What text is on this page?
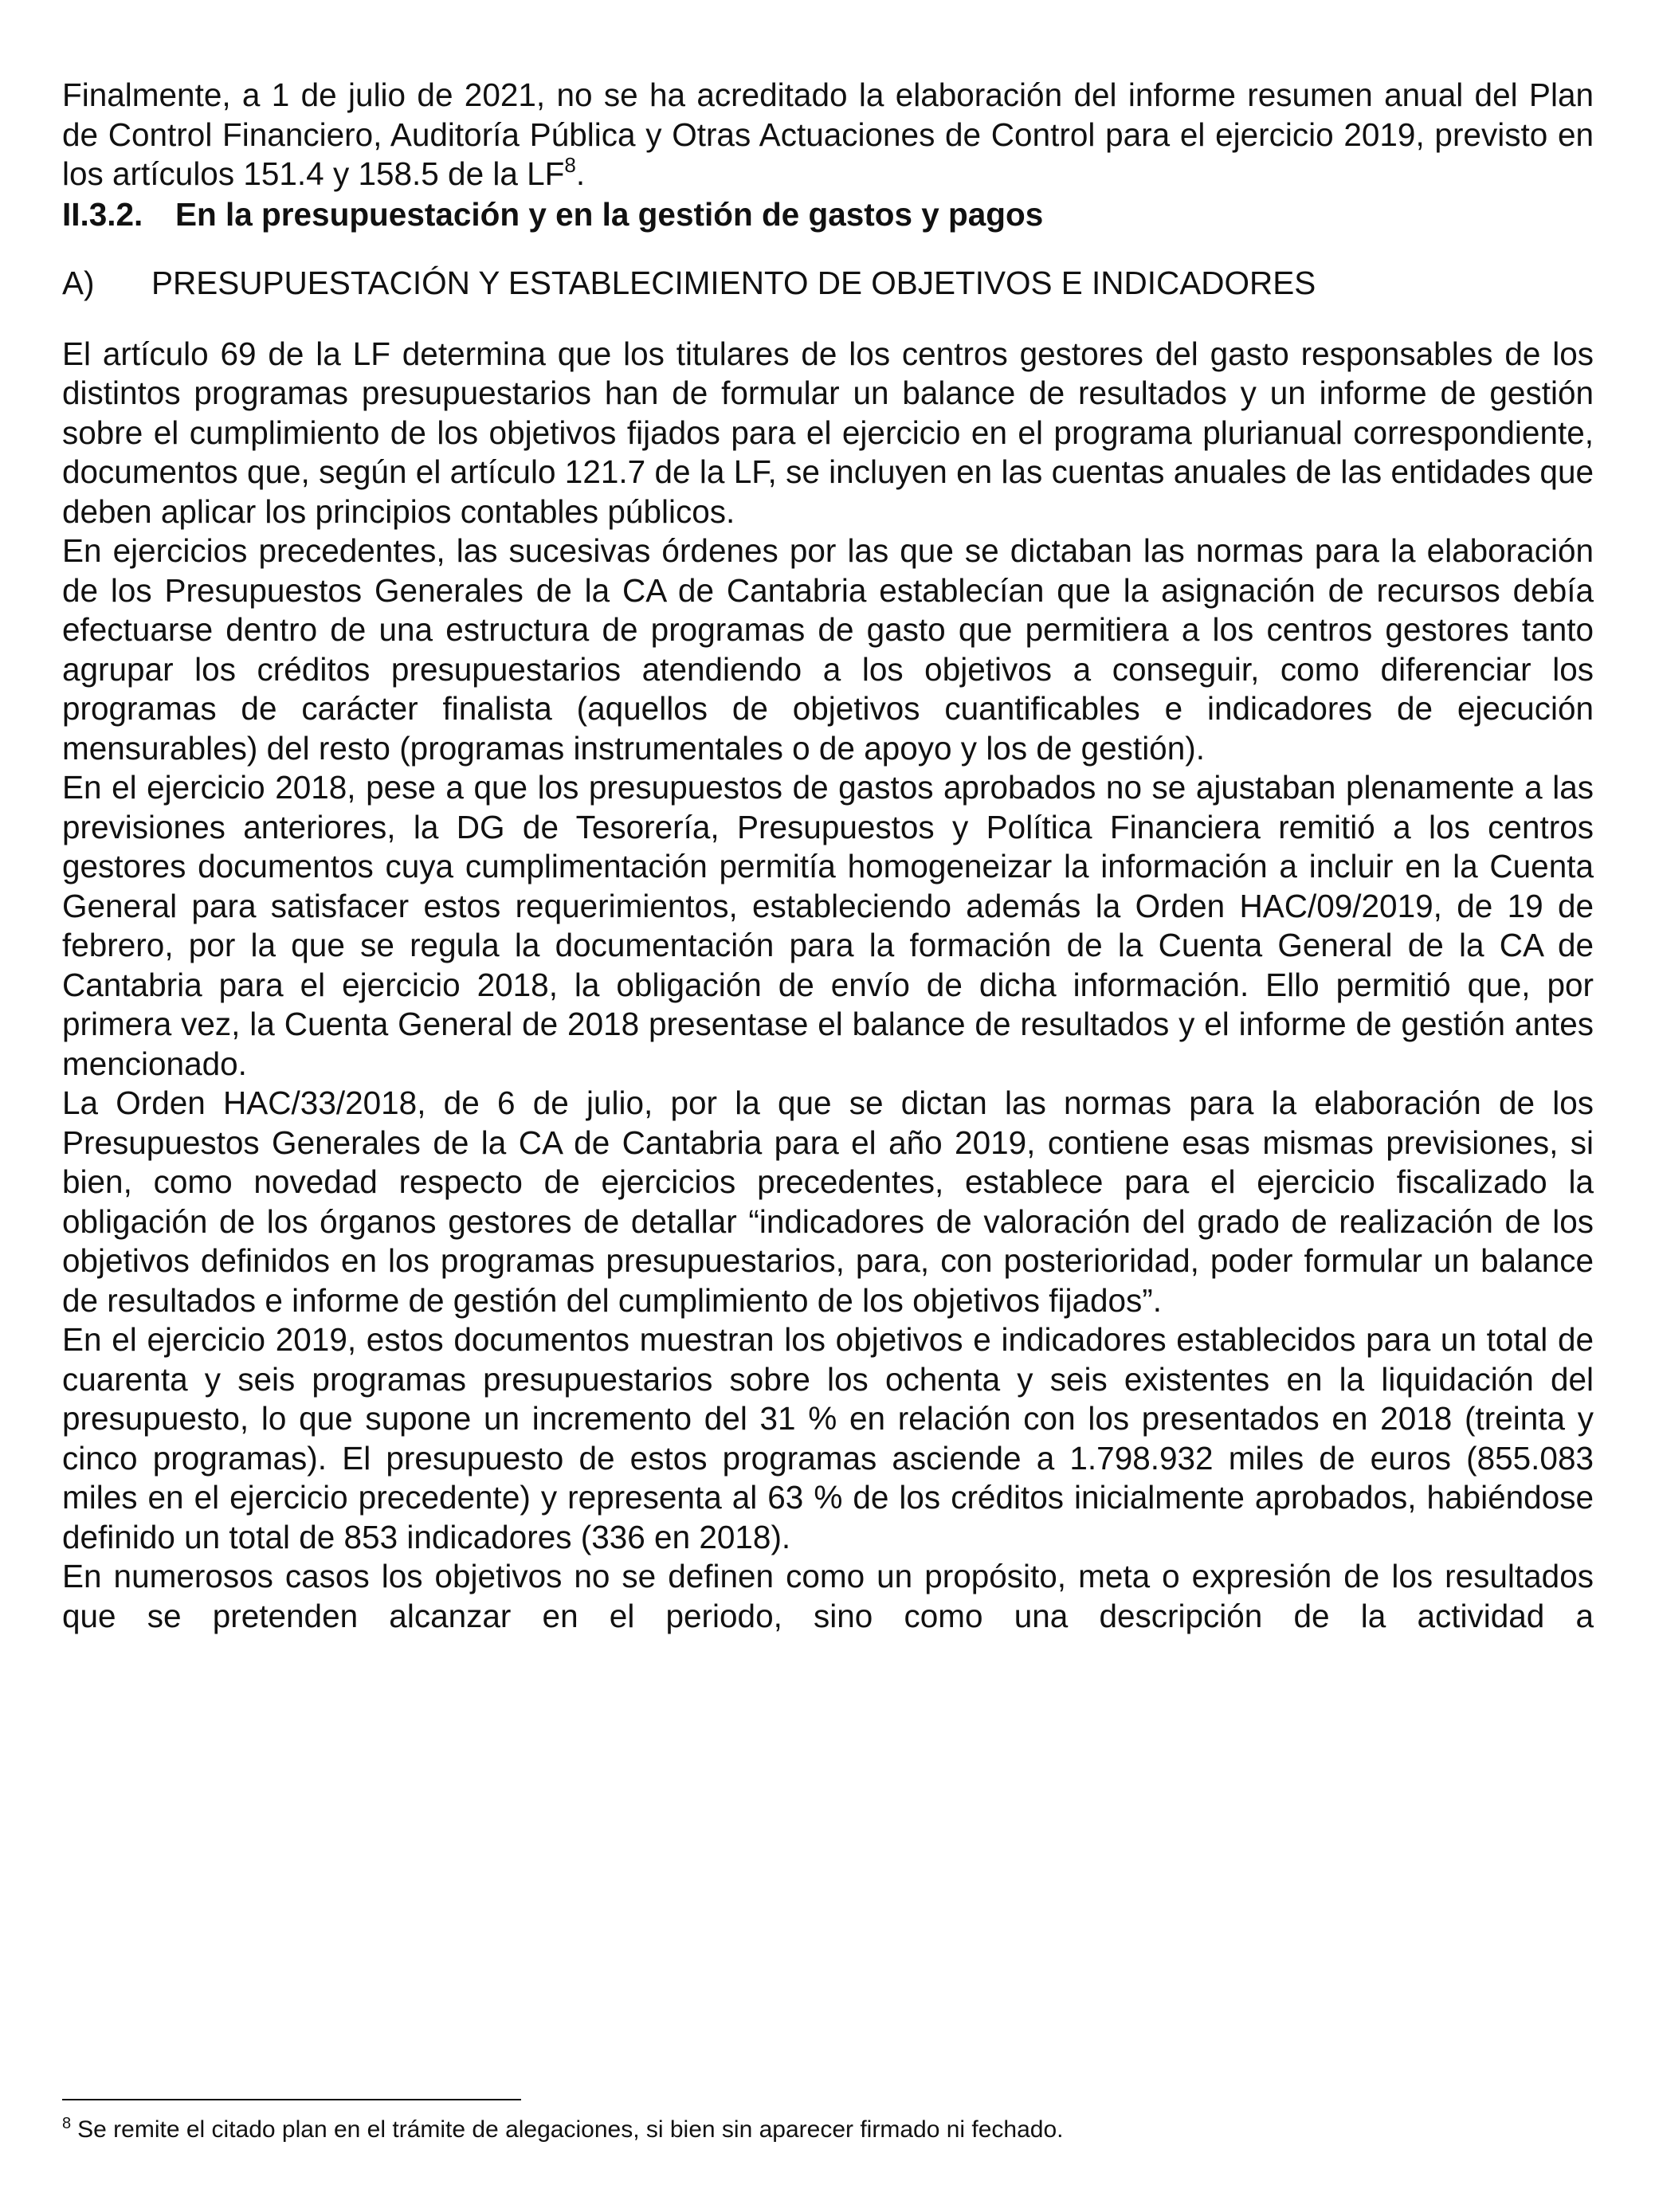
Finalmente, a 1 de julio de 2021, no se ha acreditado la elaboración del informe resumen anual del Plan de Control Financiero, Auditoría Pública y Otras Actuaciones de Control para el ejercicio 2019, previsto en los artículos 151.4 y 158.5 de la LF$^8$.

II.3.2.	En la presupuestación y en la gestión de gastos y pagos
A)	PRESUPUESTACIÓN Y ESTABLECIMIENTO DE OBJETIVOS E INDICADORES

El artículo 69 de la LF determina que los titulares de los centros gestores del gasto responsables de los distintos programas presupuestarios han de formular un balance de resultados y un informe de gestión sobre el cumplimiento de los objetivos fijados para el ejercicio en el programa plurianual correspondiente, documentos que, según el artículo 121.7 de la LF, se incluyen en las cuentas anuales de las entidades que deben aplicar los principios contables públicos.

En ejercicios precedentes, las sucesivas órdenes por las que se dictaban las normas para la elaboración de los Presupuestos Generales de la CA de Cantabria establecían que la asignación de recursos debía efectuarse dentro de una estructura de programas de gasto que permitiera a los centros gestores tanto agrupar los créditos presupuestarios atendiendo a los objetivos a conseguir, como diferenciar los programas de carácter finalista (aquellos de objetivos cuantificables e indicadores de ejecución mensurables) del resto (programas instrumentales o de apoyo y los de gestión).

En el ejercicio 2018, pese a que los presupuestos de gastos aprobados no se ajustaban plenamente a las previsiones anteriores, la DG de Tesorería, Presupuestos y Política Financiera remitió a los centros gestores documentos cuya cumplimentación permitía homogeneizar la información a incluir en la Cuenta General para satisfacer estos requerimientos, estableciendo además la Orden HAC/09/2019, de 19 de febrero, por la que se regula la documentación para la formación de la Cuenta General de la CA de Cantabria para el ejercicio 2018, la obligación de envío de dicha información. Ello permitió que, por primera vez, la Cuenta General de 2018 presentase el balance de resultados y el informe de gestión antes mencionado.

La Orden HAC/33/2018, de 6 de julio, por la que se dictan las normas para la elaboración de los Presupuestos Generales de la CA de Cantabria para el año 2019, contiene esas mismas previsiones, si bien, como novedad respecto de ejercicios precedentes, establece para el ejercicio fiscalizado la obligación de los órganos gestores de detallar “indicadores de valoración del grado de realización de los objetivos definidos en los programas presupuestarios, para, con posterioridad, poder formular un balance de resultados e informe de gestión del cumplimiento de los objetivos fijados”.

En el ejercicio 2019, estos documentos muestran los objetivos e indicadores establecidos para un total de cuarenta y seis programas presupuestarios sobre los ochenta y seis existentes en la liquidación del presupuesto, lo que supone un incremento del 31 % en relación con los presentados en 2018 (treinta y cinco programas). El presupuesto de estos programas asciende a 1.798.932 miles de euros (855.083 miles en el ejercicio precedente) y representa al 63 % de los créditos inicialmente aprobados, habiéndose definido un total de 853 indicadores (336 en 2018).

En numerosos casos los objetivos no se definen como un propósito, meta o expresión de los resultados que se pretenden alcanzar en el periodo, sino como una descripción de la actividad a

$^8$ Se remite el citado plan en el trámite de alegaciones, si bien sin aparecer firmado ni fechado.
